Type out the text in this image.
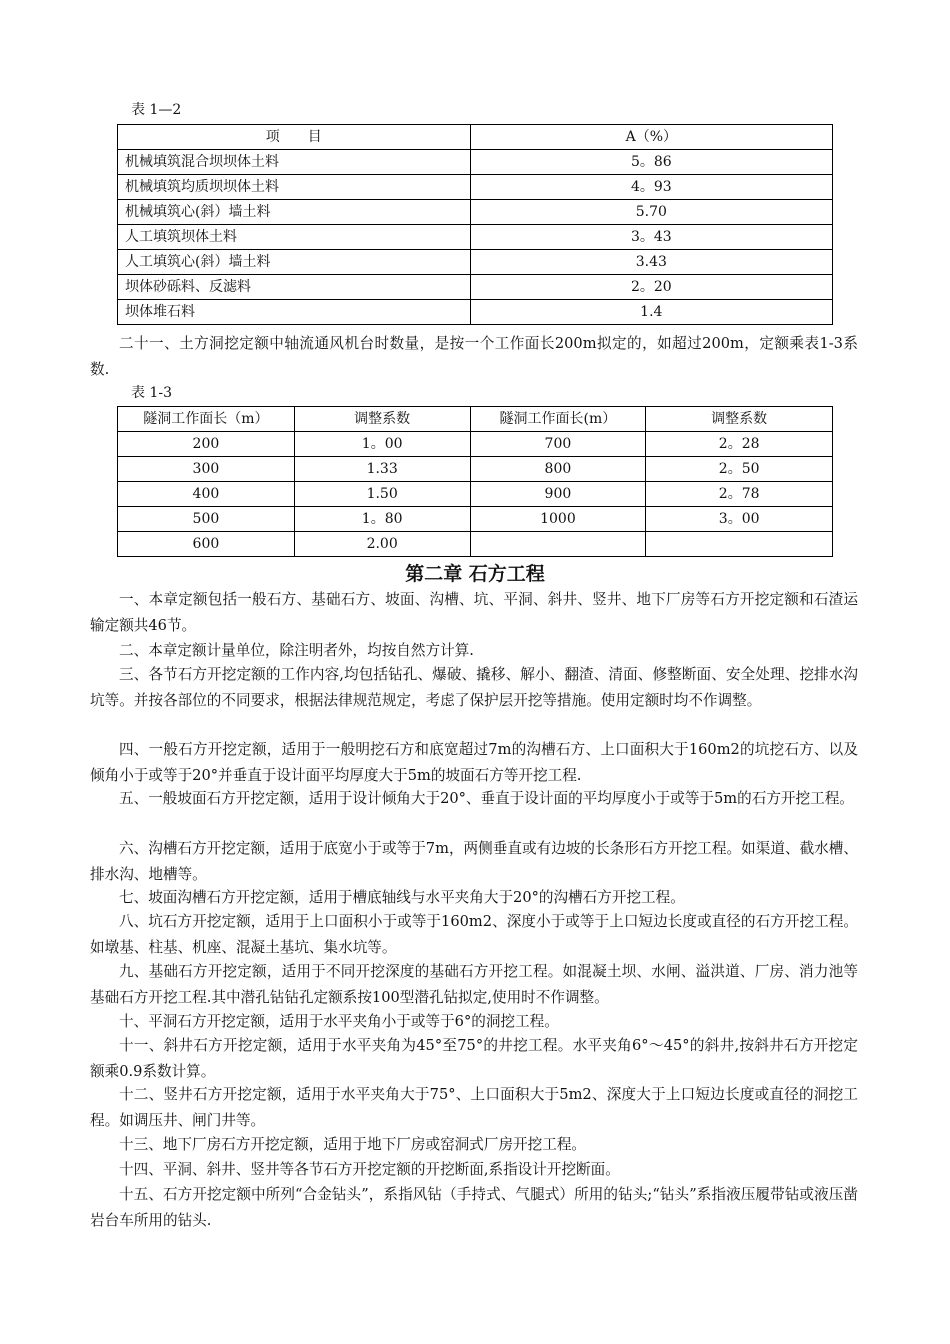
表 1—2
项　　目	A（%）
机械填筑混合坝坝体土料	5。86
机械填筑均质坝坝体土料	4。93
机械填筑心(斜）墙土料	5.70
人工填筑坝体土料	3。43
人工填筑心(斜）墙土料	3.43
坝体砂砾料、反滤料	2。20
坝体堆石料	1.4
二十一、土方洞挖定额中轴流通风机台时数量，是按一个工作面长200m拟定的，如超过200m，定额乘表1-3系数.
表 1-3
隧洞工作面长（m）	调整系数	隧洞工作面长(m）	调整系数
200	1。00	700	2。28
300	1.33	800	2。50
400	1.50	900	2。78
500	1。80	1000	3。00
600	2.00		
第二章 石方工程
一、本章定额包括一般石方、基础石方、坡面、沟槽、坑、平洞、斜井、竖井、地下厂房等石方开挖定额和石渣运输定额共46节。
二、本章定额计量单位，除注明者外，均按自然方计算.
三、各节石方开挖定额的工作内容,均包括钻孔、爆破、撬移、解小、翻渣、清面、修整断面、安全处理、挖排水沟坑等。并按各部位的不同要求，根据法律规范规定，考虑了保护层开挖等措施。使用定额时均不作调整。
四、一般石方开挖定额，适用于一般明挖石方和底宽超过7m的沟槽石方、上口面积大于160m2的坑挖石方、以及倾角小于或等于20°并垂直于设计面平均厚度大于5m的坡面石方等开挖工程.
五、一般坡面石方开挖定额，适用于设计倾角大于20°、垂直于设计面的平均厚度小于或等于5m的石方开挖工程。
六、沟槽石方开挖定额，适用于底宽小于或等于7m，两侧垂直或有边坡的长条形石方开挖工程。如渠道、截水槽、排水沟、地槽等。
七、坡面沟槽石方开挖定额，适用于槽底轴线与水平夹角大于20°的沟槽石方开挖工程。
八、坑石方开挖定额，适用于上口面积小于或等于160m2、深度小于或等于上口短边长度或直径的石方开挖工程。如墩基、柱基、机座、混凝土基坑、集水坑等。
九、基础石方开挖定额，适用于不同开挖深度的基础石方开挖工程。如混凝土坝、水闸、溢洪道、厂房、消力池等基础石方开挖工程.其中潜孔钻钻孔定额系按100型潜孔钻拟定,使用时不作调整。
十、平洞石方开挖定额，适用于水平夹角小于或等于6°的洞挖工程。
十一、斜井石方开挖定额，适用于水平夹角为45°至75°的井挖工程。水平夹角6°～45°的斜井,按斜井石方开挖定额乘0.9系数计算。
十二、竖井石方开挖定额，适用于水平夹角大于75°、上口面积大于5m2、深度大于上口短边长度或直径的洞挖工程。如调压井、闸门井等。
十三、地下厂房石方开挖定额，适用于地下厂房或窑洞式厂房开挖工程。
十四、平洞、斜井、竖井等各节石方开挖定额的开挖断面,系指设计开挖断面。
十五、石方开挖定额中所列“合金钻头”，系指风钻（手持式、气腿式）所用的钻头;“钻头”系指液压履带钻或液压凿岩台车所用的钻头.
